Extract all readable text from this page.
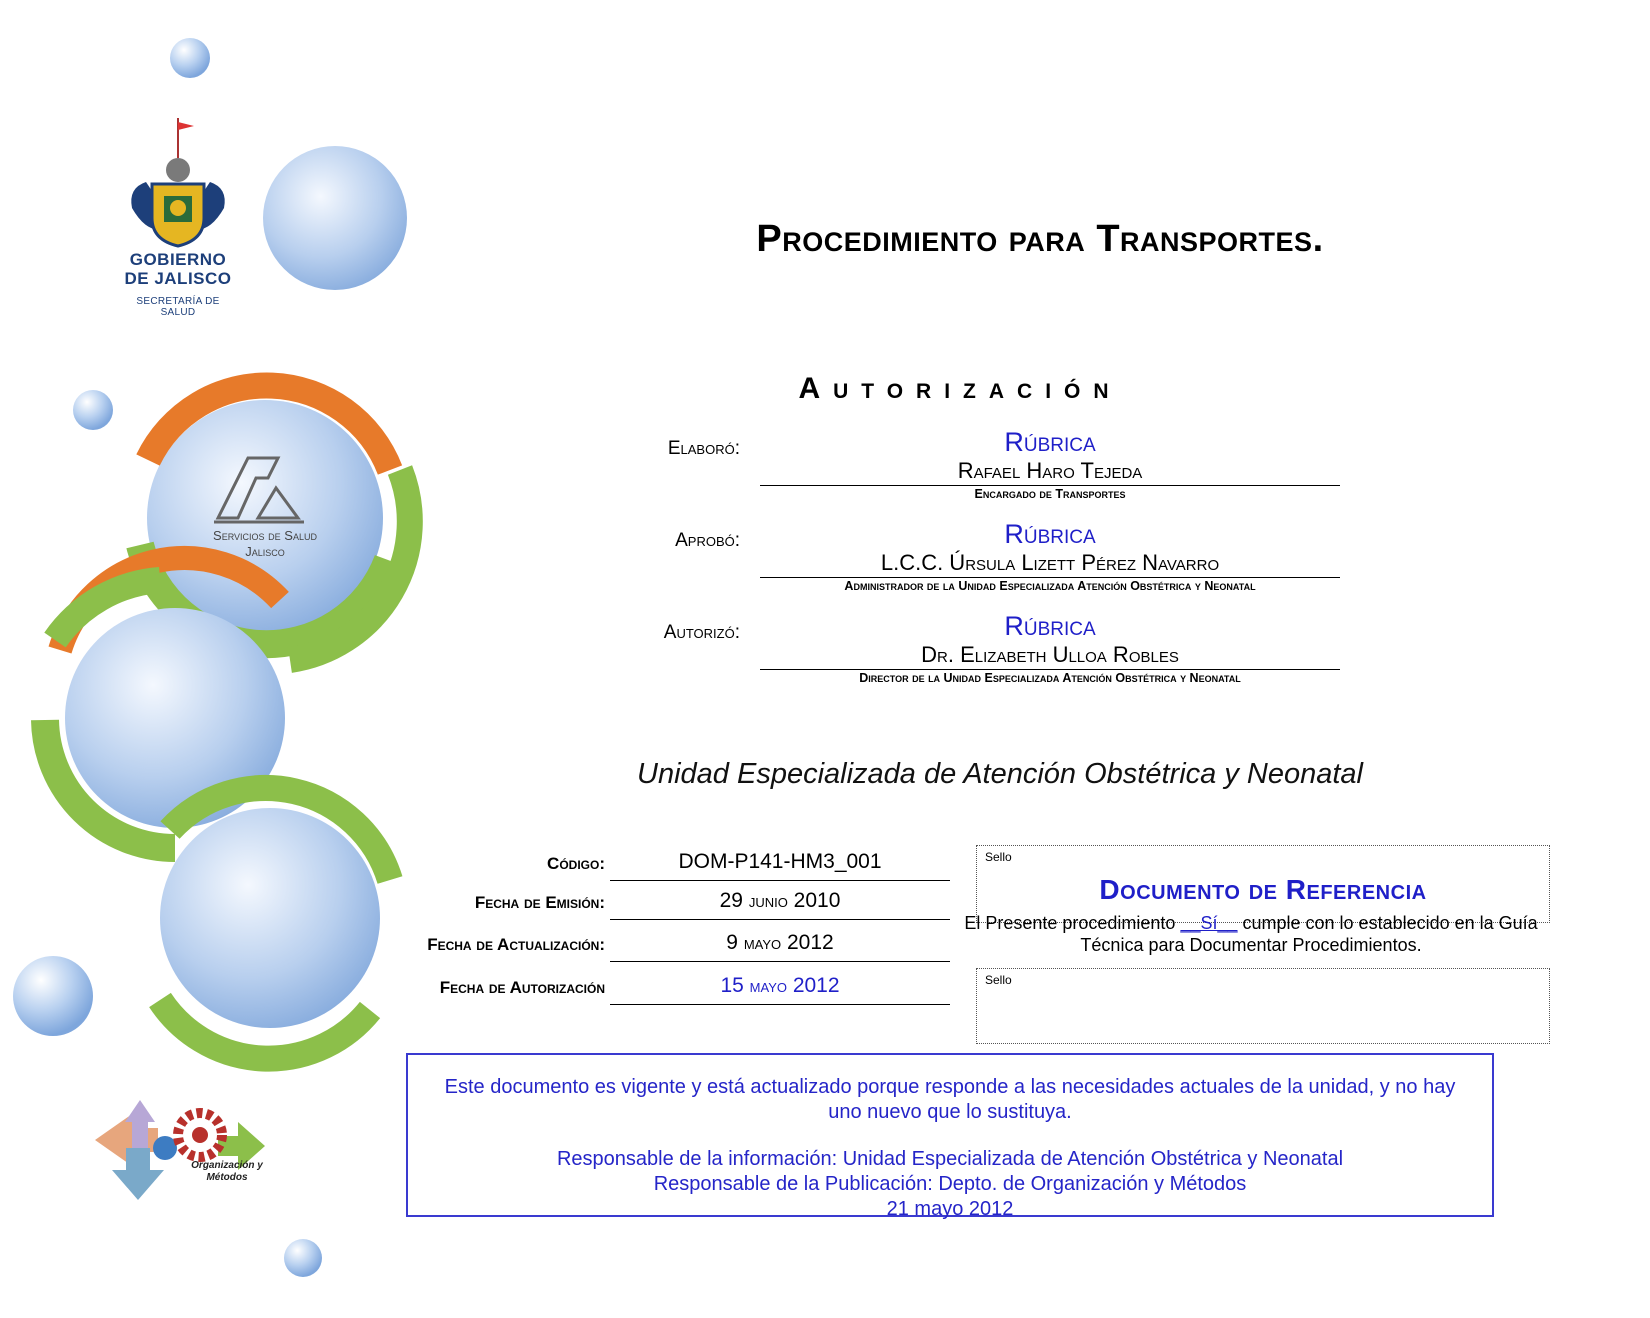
GOBIERNO
DE JALISCO
SECRETARÍA DE SALUD
Servicios de Salud
Jalisco
Organización y
Métodos
Procedimiento para Transportes.
Autorización
Elaboró:	Rúbrica
Rafael Haro Tejeda
Encargado de Transportes
Aprobó:	Rúbrica
L.C.C. Úrsula Lizett Pérez Navarro
Administrador de la Unidad Especializada Atención Obstétrica y Neonatal
Autorizó:	Rúbrica
Dr. Elizabeth Ulloa Robles
Director de la Unidad Especializada Atención Obstétrica y Neonatal
Unidad Especializada de Atención Obstétrica y Neonatal
Código:	DOM-P141-HM3_001
Fecha de Emisión:	29 junio 2010
Fecha de Actualización:	9 mayo 2012
Fecha de Autorización	15 mayo 2012
Sello
Documento de Referencia
El Presente procedimiento __Sí__ cumple con lo establecido en la Guía Técnica para Documentar Procedimientos.
Sello

Este documento es vigente y está actualizado porque responde a las necesidades actuales de la unidad, y no hay uno nuevo que lo sustituya.

Responsable de la información: Unidad Especializada de Atención Obstétrica y Neonatal

Responsable de la Publicación: Depto. de Organización y Métodos

21 mayo 2012
